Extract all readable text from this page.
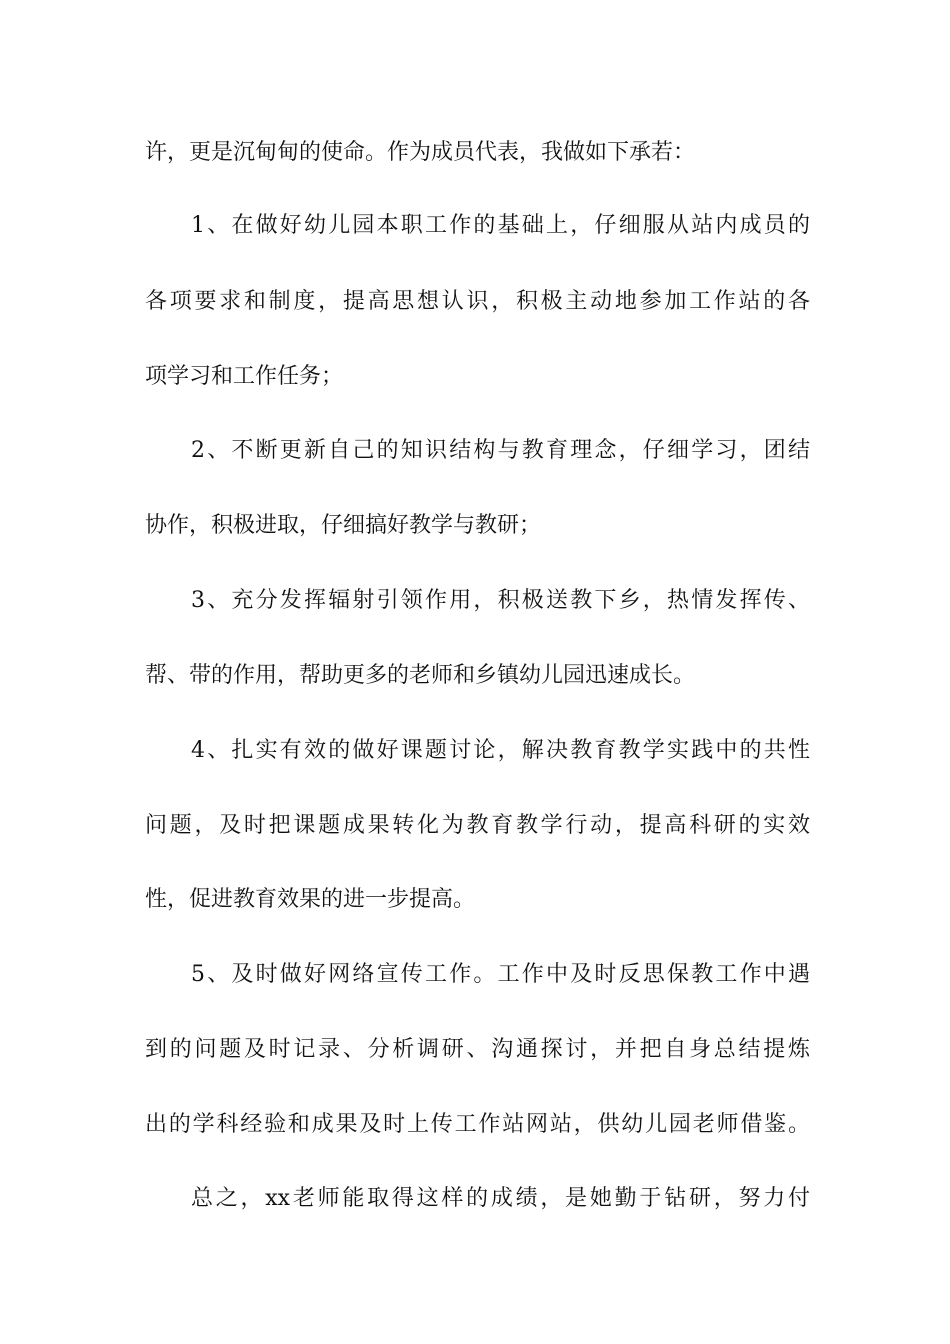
许，更是沉甸甸的使命。作为成员代表，我做如下承若：
1、在做好幼儿园本职工作的基础上，仔细服从站内成员的
各项要求和制度，提高思想认识，积极主动地参加工作站的各
项学习和工作任务；
2、不断更新自己的知识结构与教育理念，仔细学习，团结
协作，积极进取，仔细搞好教学与教研；
3、充分发挥辐射引领作用，积极送教下乡，热情发挥传、
帮、带的作用，帮助更多的老师和乡镇幼儿园迅速成长。
4、扎实有效的做好课题讨论，解决教育教学实践中的共性
问题，及时把课题成果转化为教育教学行动，提高科研的实效
性，促进教育效果的进一步提高。
5、及时做好网络宣传工作。工作中及时反思保教工作中遇
到的问题及时记录、分析调研、沟通探讨，并把自身总结提炼
出的学科经验和成果及时上传工作站网站，供幼儿园老师借鉴。
总之，xx老师能取得这样的成绩，是她勤于钻研，努力付
